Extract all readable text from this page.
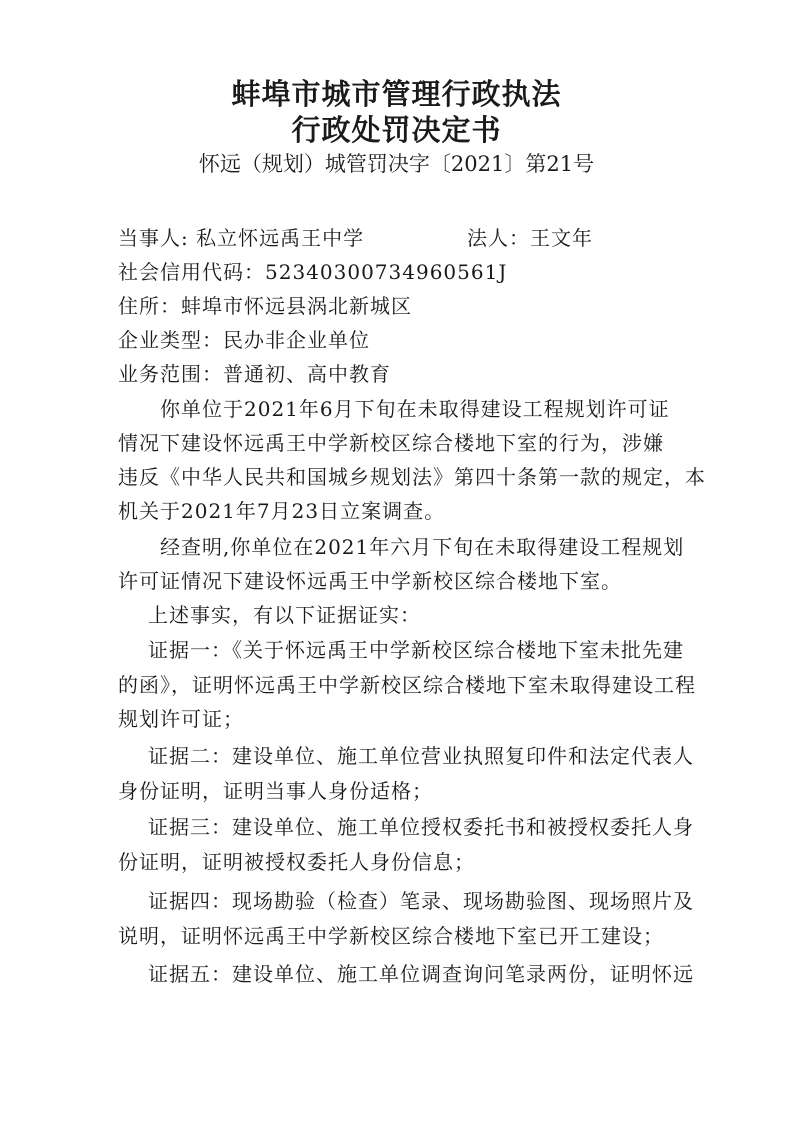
蚌埠市城市管理行政执法
行政处罚决定书
怀远（规划）城管罚决字〔2021〕第21号
当事人: 私立怀远禹王中学	法人：王文年
社会信用代码：52340300734960561J
住所：蚌埠市怀远县涡北新城区
企业类型：民办非企业单位
业务范围：普通初、高中教育
你单位于2021年6月下旬在未取得建设工程规划许可证
情况下建设怀远禹王中学新校区综合楼地下室的行为，涉嫌
违反《中华人民共和国城乡规划法》第四十条第一款的规定，本
机关于2021年7月23日立案调查。
经查明,你单位在2021年六月下旬在未取得建设工程规划
许可证情况下建设怀远禹王中学新校区综合楼地下室。
上述事实，有以下证据证实：
证据一：《关于怀远禹王中学新校区综合楼地下室未批先建
的函》，证明怀远禹王中学新校区综合楼地下室未取得建设工程
规划许可证；
证据二：建设单位、施工单位营业执照复印件和法定代表人
身份证明，证明当事人身份适格；
证据三：建设单位、施工单位授权委托书和被授权委托人身
份证明，证明被授权委托人身份信息；
证据四：现场勘验（检查）笔录、现场勘验图、现场照片及
说明，证明怀远禹王中学新校区综合楼地下室已开工建设；
证据五：建设单位、施工单位调查询问笔录两份，证明怀远
